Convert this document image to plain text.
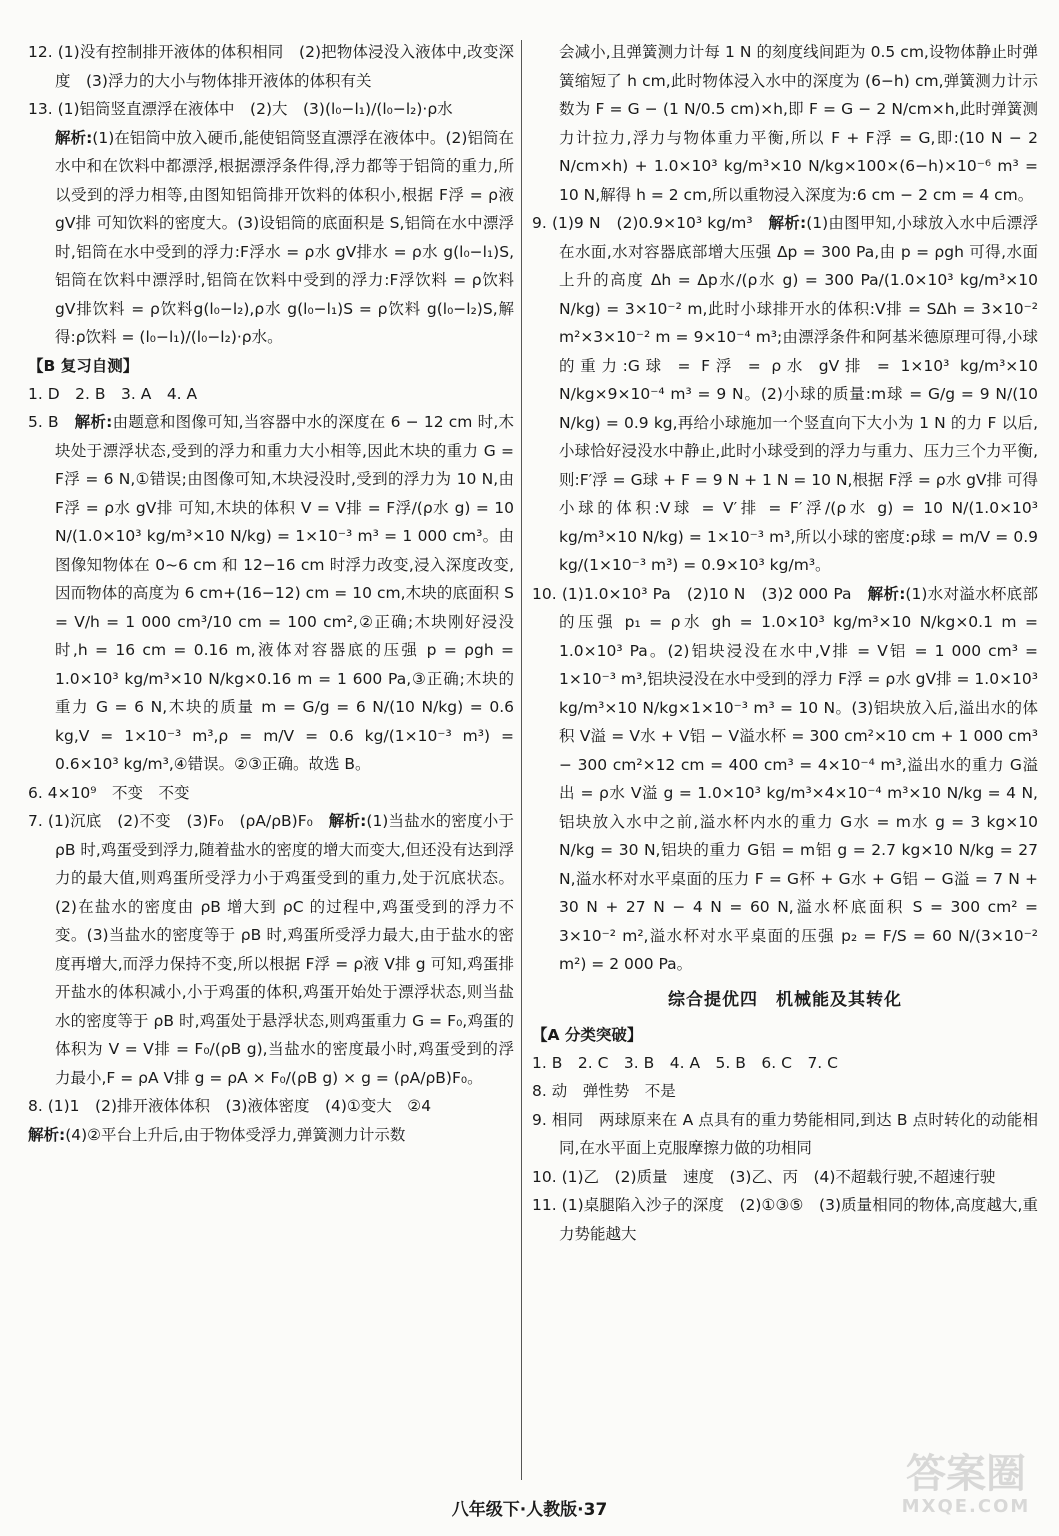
12. (1)没有控制排开液体的体积相同　(2)把物体浸没入液体中,改变深度　(3)浮力的大小与物体排开液体的体积有关

13. (1)铝筒竖直漂浮在液体中　(2)大　(3)(l₀−l₁)/(l₀−l₂)·ρ水

解析:(1)在铝筒中放入硬币,能使铝筒竖直漂浮在液体中。(2)铝筒在水中和在饮料中都漂浮,根据漂浮条件得,浮力都等于铝筒的重力,所以受到的浮力相等,由图知铝筒排开饮料的体积小,根据 F浮 = ρ液 gV排 可知饮料的密度大。(3)设铝筒的底面积是 S,铝筒在水中漂浮时,铝筒在水中受到的浮力:F浮水 = ρ水 gV排水 = ρ水 g(l₀−l₁)S,铝筒在饮料中漂浮时,铝筒在饮料中受到的浮力:F浮饮料 = ρ饮料gV排饮料 = ρ饮料g(l₀−l₂),ρ水 g(l₀−l₁)S = ρ饮料 g(l₀−l₂)S,解得:ρ饮料 = (l₀−l₁)/(l₀−l₂)·ρ水。

【B 复习自测】

1. D　2. B　3. A　4. A

5. B　解析:由题意和图像可知,当容器中水的深度在 6 − 12 cm 时,木块处于漂浮状态,受到的浮力和重力大小相等,因此木块的重力 G = F浮 = 6 N,①错误;由图像可知,木块浸没时,受到的浮力为 10 N,由 F浮 = ρ水 gV排 可知,木块的体积 V = V排 = F浮/(ρ水 g) = 10 N/(1.0×10³ kg/m³×10 N/kg) = 1×10⁻³ m³ = 1 000 cm³。由图像知物体在 0~6 cm 和 12−16 cm 时浮力改变,浸入深度改变,因而物体的高度为 6 cm+(16−12) cm = 10 cm,木块的底面积 S = V/h = 1 000 cm³/10 cm = 100 cm²,②正确;木块刚好浸没时,h = 16 cm = 0.16 m,液体对容器底的压强 p = ρgh = 1.0×10³ kg/m³×10 N/kg×0.16 m = 1 600 Pa,③正确;木块的重力 G = 6 N,木块的质量 m = G/g = 6 N/(10 N/kg) = 0.6 kg,V = 1×10⁻³ m³,ρ = m/V = 0.6 kg/(1×10⁻³ m³) = 0.6×10³ kg/m³,④错误。②③正确。故选 B。

6. 4×10⁹　不变　不变

7. (1)沉底　(2)不变　(3)F₀　(ρA/ρB)F₀　解析:(1)当盐水的密度小于 ρB 时,鸡蛋受到浮力,随着盐水的密度的增大而变大,但还没有达到浮力的最大值,则鸡蛋所受浮力小于鸡蛋受到的重力,处于沉底状态。(2)在盐水的密度由 ρB 增大到 ρC 的过程中,鸡蛋受到的浮力不变。(3)当盐水的密度等于 ρB 时,鸡蛋所受浮力最大,由于盐水的密度再增大,而浮力保持不变,所以根据 F浮 = ρ液 V排 g 可知,鸡蛋排开盐水的体积减小,小于鸡蛋的体积,鸡蛋开始处于漂浮状态,则当盐水的密度等于 ρB 时,鸡蛋处于悬浮状态,则鸡蛋重力 G = F₀,鸡蛋的体积为 V = V排 = F₀/(ρB g),当盐水的密度最小时,鸡蛋受到的浮力最小,F = ρA V排 g = ρA × F₀/(ρB g) × g = (ρA/ρB)F₀。

8. (1)1　(2)排开液体体积　(3)液体密度　(4)①变大　②4

解析:(4)②平台上升后,由于物体受浮力,弹簧测力计示数

会减小,且弹簧测力计每 1 N 的刻度线间距为 0.5 cm,设物体静止时弹簧缩短了 h cm,此时物体浸入水中的深度为 (6−h) cm,弹簧测力计示数为 F = G − (1 N/0.5 cm)×h,即 F = G − 2 N/cm×h,此时弹簧测力计拉力,浮力与物体重力平衡,所以 F + F浮 = G,即:(10 N − 2 N/cm×h) + 1.0×10³ kg/m³×10 N/kg×100×(6−h)×10⁻⁶ m³ = 10 N,解得 h = 2 cm,所以重物浸入深度为:6 cm − 2 cm = 4 cm。

9. (1)9 N　(2)0.9×10³ kg/m³　解析:(1)由图甲知,小球放入水中后漂浮在水面,水对容器底部增大压强 Δp = 300 Pa,由 p = ρgh 可得,水面上升的高度 Δh = Δp水/(ρ水 g) = 300 Pa/(1.0×10³ kg/m³×10 N/kg) = 3×10⁻² m,此时小球排开水的体积:V排 = SΔh = 3×10⁻² m²×3×10⁻² m = 9×10⁻⁴ m³;由漂浮条件和阿基米德原理可得,小球的重力:G球 = F浮 = ρ水 gV排 = 1×10³ kg/m³×10 N/kg×9×10⁻⁴ m³ = 9 N。(2)小球的质量:m球 = G/g = 9 N/(10 N/kg) = 0.9 kg,再给小球施加一个竖直向下大小为 1 N 的力 F 以后,小球恰好浸没水中静止,此时小球受到的浮力与重力、压力三个力平衡,则:F′浮 = G球 + F = 9 N + 1 N = 10 N,根据 F浮 = ρ水 gV排 可得小球的体积:V球 = V′排 = F′浮/(ρ水 g) = 10 N/(1.0×10³ kg/m³×10 N/kg) = 1×10⁻³ m³,所以小球的密度:ρ球 = m/V = 0.9 kg/(1×10⁻³ m³) = 0.9×10³ kg/m³。

10. (1)1.0×10³ Pa　(2)10 N　(3)2 000 Pa　解析:(1)水对溢水杯底部的压强 p₁ = ρ水 gh = 1.0×10³ kg/m³×10 N/kg×0.1 m = 1.0×10³ Pa。(2)铝块浸没在水中,V排 = V铝 = 1 000 cm³ = 1×10⁻³ m³,铝块浸没在水中受到的浮力 F浮 = ρ水 gV排 = 1.0×10³ kg/m³×10 N/kg×1×10⁻³ m³ = 10 N。(3)铝块放入后,溢出水的体积 V溢 = V水 + V铝 − V溢水杯 = 300 cm²×10 cm + 1 000 cm³ − 300 cm²×12 cm = 400 cm³ = 4×10⁻⁴ m³,溢出水的重力 G溢出 = ρ水 V溢 g = 1.0×10³ kg/m³×4×10⁻⁴ m³×10 N/kg = 4 N,铝块放入水中之前,溢水杯内水的重力 G水 = m水 g = 3 kg×10 N/kg = 30 N,铝块的重力 G铝 = m铝 g = 2.7 kg×10 N/kg = 27 N,溢水杯对水平桌面的压力 F = G杯 + G水 + G铝 − G溢 = 7 N + 30 N + 27 N − 4 N = 60 N,溢水杯底面积 S = 300 cm² = 3×10⁻² m²,溢水杯对水平桌面的压强 p₂ = F/S = 60 N/(3×10⁻² m²) = 2 000 Pa。

综合提优四　机械能及其转化
【A 分类突破】

1. B　2. C　3. B　4. A　5. B　6. C　7. C

8. 动　弹性势　不是

9. 相同　两球原来在 A 点具有的重力势能相同,到达 B 点时转化的动能相同,在水平面上克服摩擦力做的功相同

10. (1)乙　(2)质量　速度　(3)乙、丙　(4)不超载行驶,不超速行驶

11. (1)桌腿陷入沙子的深度　(2)①③⑤　(3)质量相同的物体,高度越大,重力势能越大

八年级下·人教版·37
答案圈
MXQE.COM
